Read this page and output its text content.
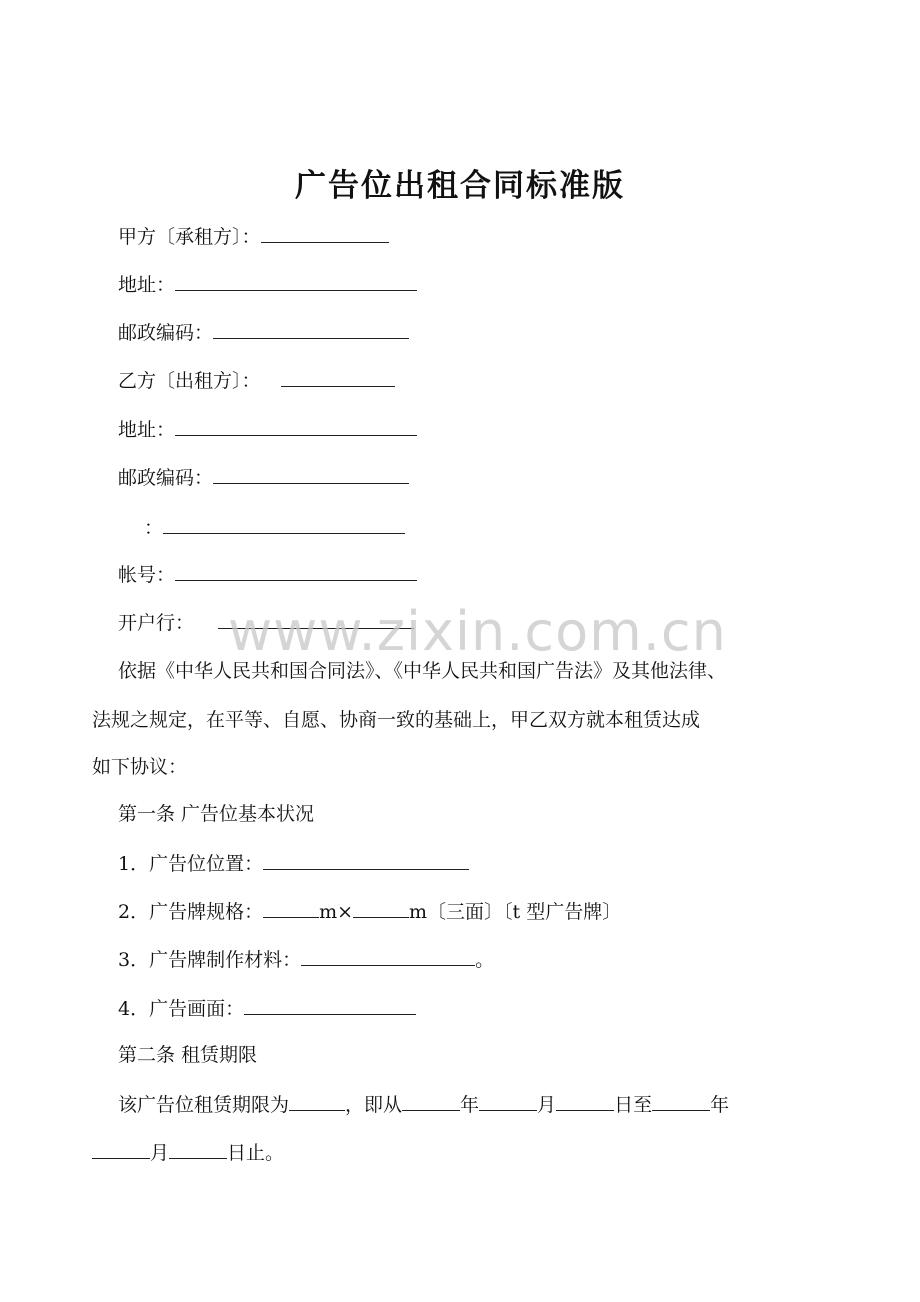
广告位出租合同标准版
甲方〔承租方〕：
地址：
邮政编码：
乙方〔出租方〕：
地址：
邮政编码：
：
帐号：
开户行： www.zixin.com.cn
依据《中华人民共和国合同法》、《中华人民共和国广告法》及其他法律、
法规之规定，在平等、自愿、协商一致的基础上，甲乙双方就本租赁达成
如下协议：
第一条 广告位基本状况
1．广告位位置：
2．广告牌规格：	m×	m〔三面〕〔t 型广告牌〕
3．广告牌制作材料：	。
4．广告画面：
第二条 租赁期限
该广告位租赁期限为	，即从	年	月	日至	年
月	日止。
